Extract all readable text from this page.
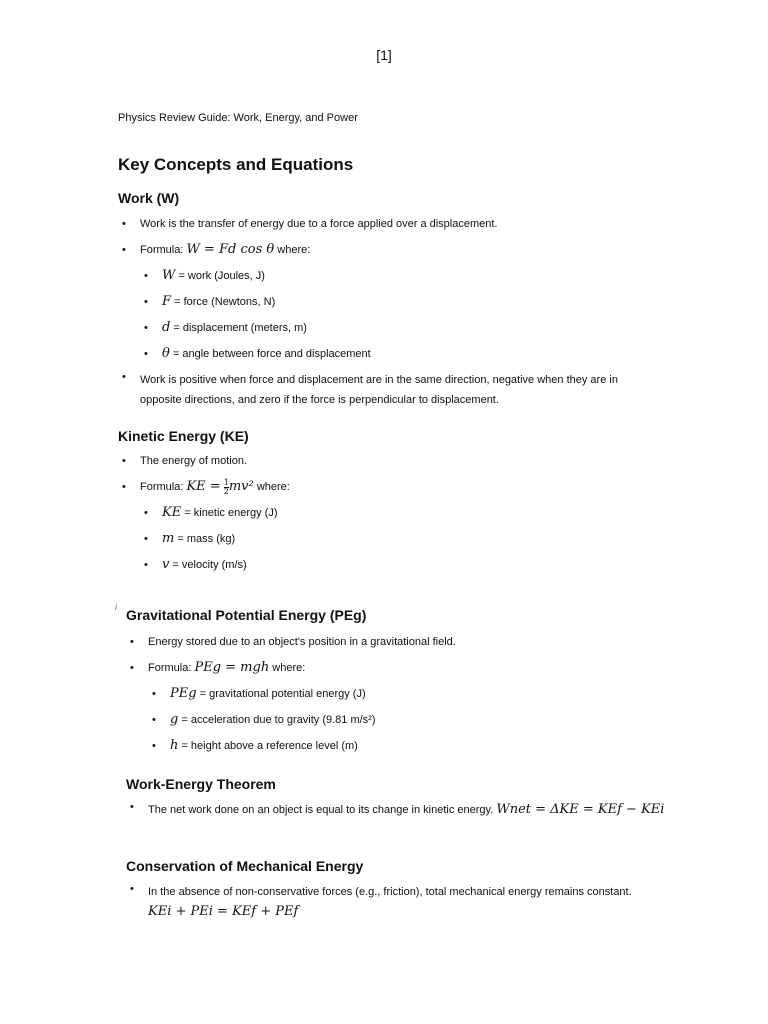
[1]
Physics Review Guide: Work, Energy, and Power
Key Concepts and Equations
Work (W)
• Work is the transfer of energy due to a force applied over a displacement.
• Formula: W = Fd cos θ where:
• W = work (Joules, J)
• F = force (Newtons, N)
• d = displacement (meters, m)
• θ = angle between force and displacement
• Work is positive when force and displacement are in the same direction, negative when they are in opposite directions, and zero if the force is perpendicular to displacement.
Kinetic Energy (KE)
• The energy of motion.
• Formula: KE = $\frac{1}{2} mv^2$ where:
• KE = kinetic energy (J)
• m = mass (kg)
• v = velocity (m/s)
i Gravitational Potential Energy (PEg)
• Energy stored due to an object's position in a gravitational field.
• Formula: PEg = mgh where:
• PEg = gravitational potential energy (J)
• g = acceleration due to gravity (9.81 m/s²)
• h = height above a reference level (m)
Work-Energy Theorem
• The net work done on an object is equal to its change in kinetic energy. Wnet = ΔKE = KEf − KEi
Conservation of Mechanical Energy
• In the absence of non-conservative forces (e.g., friction), total mechanical energy remains constant.
KEi + PEi = KEf + PEf
